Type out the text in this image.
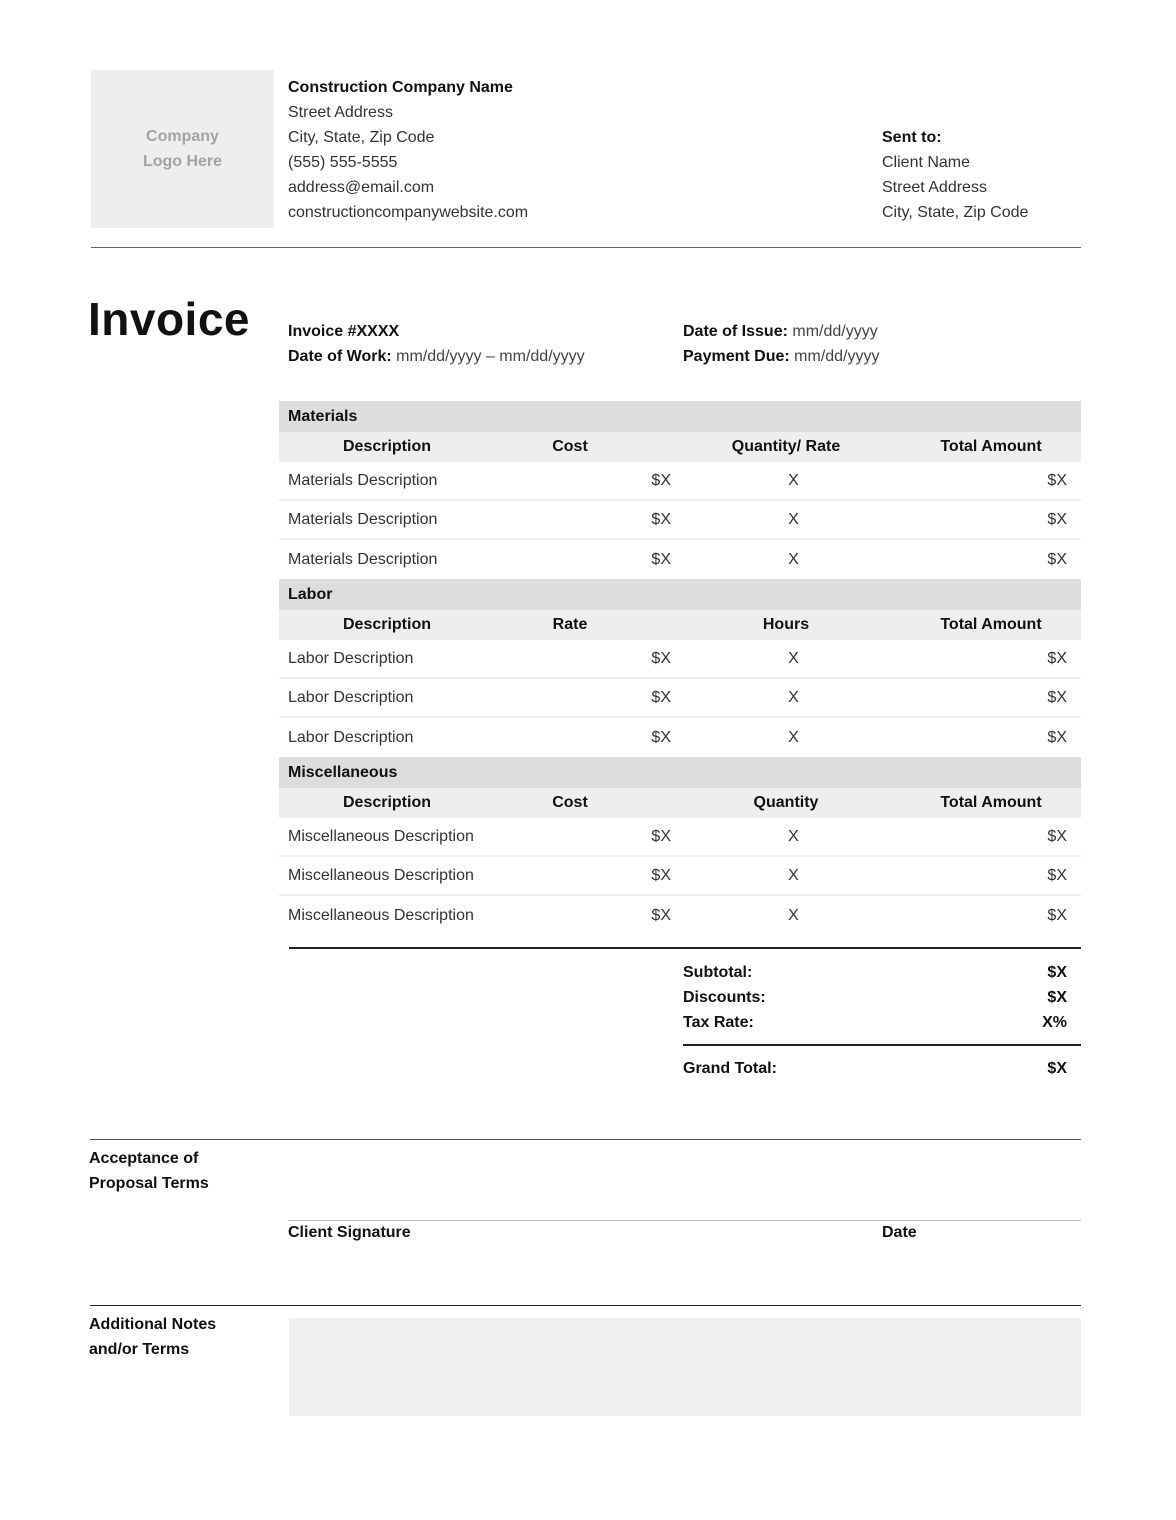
Company
Logo Here
Construction Company Name
Street Address
City, State, Zip Code
(555) 555-5555
address@email.com
constructioncompanywebsite.com
Sent to:
Client Name
Street Address
City, State, Zip Code
Invoice Invoice #XXXX
Date of Work: mm/dd/yyyy – mm/dd/yyyy
Date of Issue: mm/dd/yyyy
Payment Due: mm/dd/yyyy
Materials
Description	Cost	Quantity/ Rate	Total Amount
Materials Description	$X	X	$X
Materials Description	$X	X	$X
Materials Description	$X	X	$X
Labor
Description	Rate	Hours	Total Amount
Labor Description	$X	X	$X
Labor Description	$X	X	$X
Labor Description	$X	X	$X
Miscellaneous
Description	Cost	Quantity	Total Amount
Miscellaneous Description	$X	X	$X
Miscellaneous Description	$X	X	$X
Miscellaneous Description	$X	X	$X
Subtotal:	$X
Discounts:	$X
Tax Rate:	X%
Grand Total:	$X
Acceptance of
Proposal Terms
Client Signature	Date
Additional Notes
and/or Terms
